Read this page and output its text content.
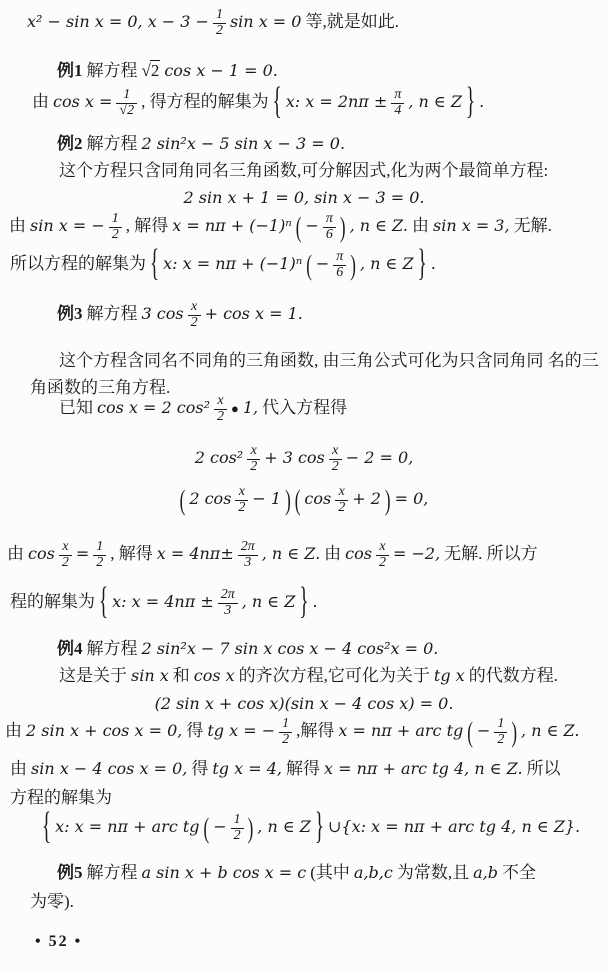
x² − sin x = 0, $x - 3 - \frac{1}{2}$ sin x = 0 等,就是如此.
例1 解方程 √2 cos x − 1 = 0.
由 $\cos x = \frac{1}{√2}$ , 得方程的解集为 { x: $x = 2n\pi \pm \frac{\pi}{4}$ , n ∈ Z } .
例2 解方程 2 sin²x − 5 sin x − 3 = 0.
这个方程只含同角同名三角函数,可分解因式,化为两个最简单方程:
2 sin x + 1 = 0, sin x − 3 = 0.
由 sin x = − $\frac{1}{2}$ , 解得 x = nπ + (−1)ⁿ ( − $\frac{\pi}{6}$ ) , n ∈ Z. 由 sin x = 3, 无解.
所以方程的解集为 { x: x = nπ + (−1)ⁿ ( − $\frac{\pi}{6}$ ) , n ∈ Z } .
例3 解方程 3 $\cos \frac{x}{2} + \cos x = 1$.
这个方程含同名不同角的三角函数, 由三角公式可化为只含同角同 名的三
角函数的三角方程.
已知 cos x = 2 $\cos^2 \frac{x}{2}$ ● 1, 代入方程得
2 $\cos^2 \frac{x}{2} + 3$ $\cos \frac{x}{2} - 2 = 0$,
( 2 $\cos \frac{x}{2} - 1$ ) ( $\cos \frac{x}{2} + 2$ ) = 0,
由 $\cos \frac{x}{2} = \frac{1}{2}$ , 解得 $x = 4n\pi\pm \frac{2\pi}{3}$ , n ∈ Z. 由 $\cos \frac{x}{2} = -2$, 无解. 所以方
程的解集为 { x: $x = 4n\pi \pm \frac{2\pi}{3}$ , n ∈ Z } .
例4 解方程 2 sin²x − 7 sin x cos x − 4 cos²x = 0.
这是关于 sin x 和 cos x 的齐次方程,它可化为关于 tg x 的代数方程.
(2 sin x + cos x)(sin x − 4 cos x) = 0.
由 2 sin x + cos x = 0, 得 tg x = − $\frac{1}{2}$ ,解得 x = nπ + arc tg ( − $\frac{1}{2}$ ) , n ∈ Z.
由 sin x − 4 cos x = 0, 得 tg x = 4, 解得 x = nπ + arc tg 4, n ∈ Z. 所以
方程的解集为
{ x: x = nπ + arc tg ( − $\frac{1}{2}$ ) , n ∈ Z } ∪{x: x = nπ + arc tg 4, n ∈ Z}.
例5 解方程 a sin x + b cos x = c (其中 a,b,c 为常数,且 a,b 不全
为零).
• 52 •
